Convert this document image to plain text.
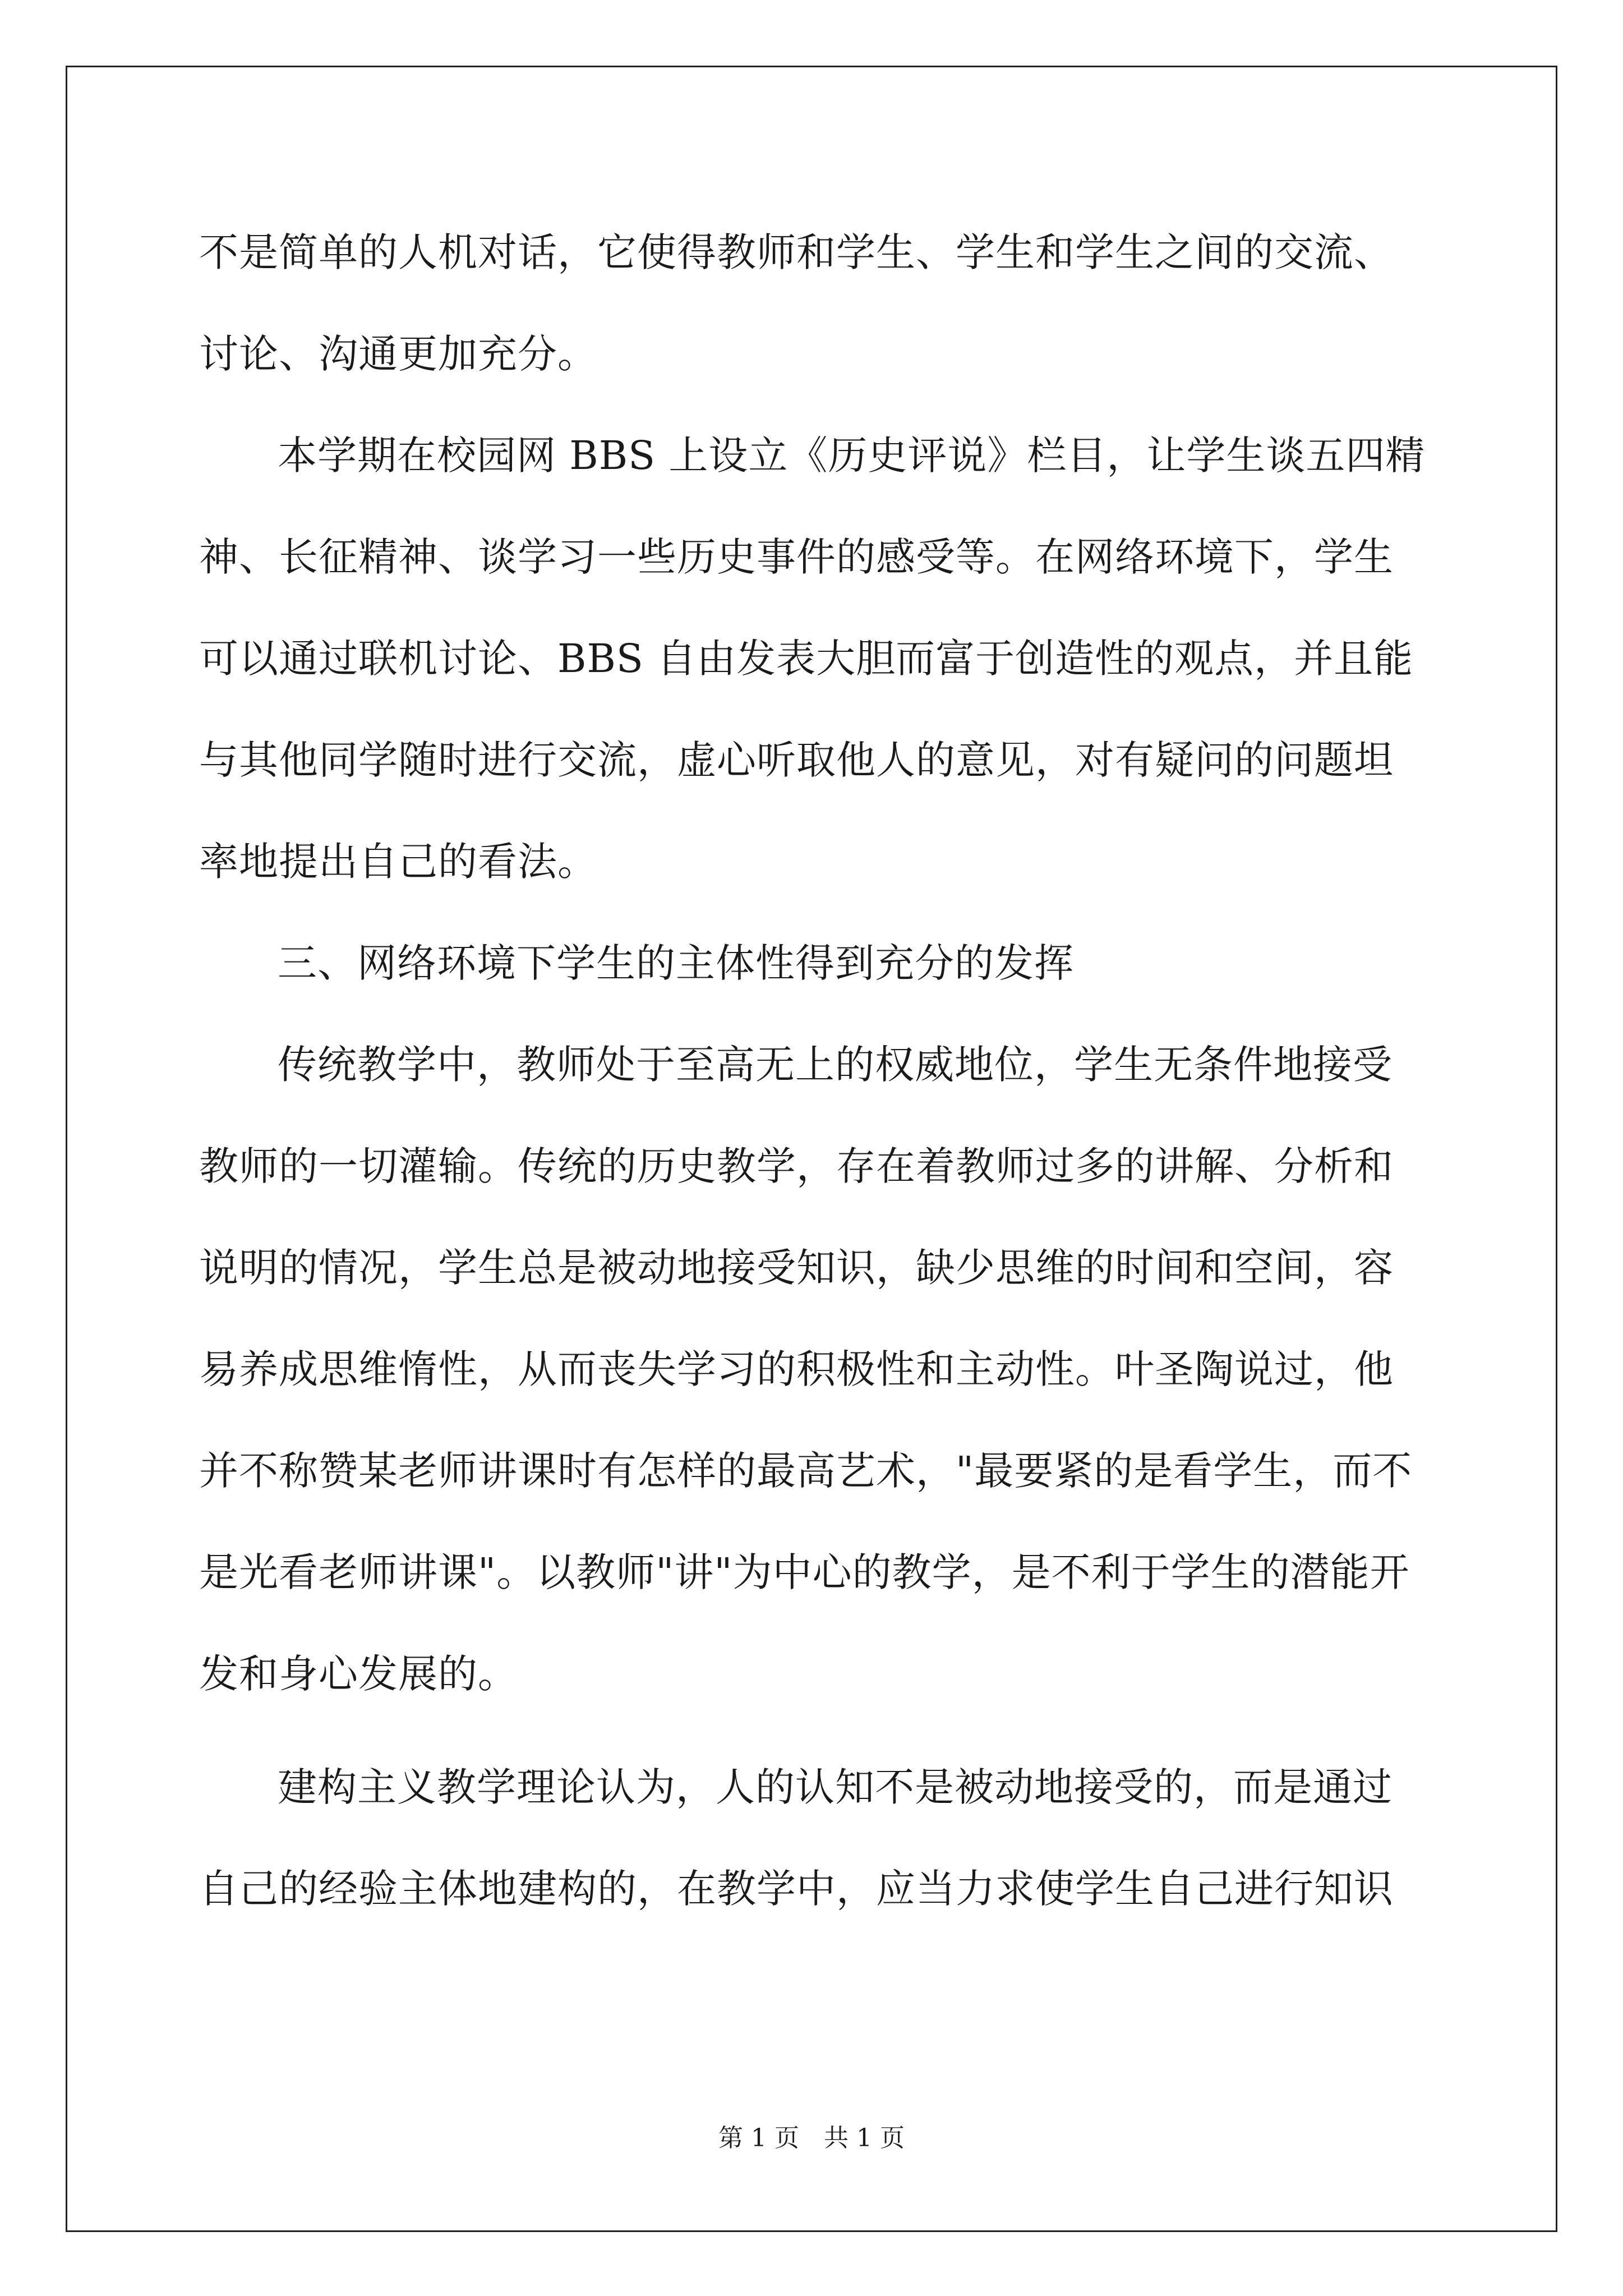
不是简单的人机对话，它使得教师和学生、学生和学生之间的交流、
讨论、沟通更加充分。
本学期在校园网 BBS 上设立《历史评说》栏目，让学生谈五四精
神、长征精神、谈学习一些历史事件的感受等。在网络环境下，学生
可以通过联机讨论、BBS 自由发表大胆而富于创造性的观点，并且能
与其他同学随时进行交流，虚心听取他人的意见，对有疑问的问题坦
率地提出自己的看法。
三、网络环境下学生的主体性得到充分的发挥
传统教学中，教师处于至高无上的权威地位，学生无条件地接受
教师的一切灌输。传统的历史教学，存在着教师过多的讲解、分析和
说明的情况，学生总是被动地接受知识，缺少思维的时间和空间，容
易养成思维惰性，从而丧失学习的积极性和主动性。叶圣陶说过，他
并不称赞某老师讲课时有怎样的最高艺术，"最要紧的是看学生，而不
是光看老师讲课"。以教师"讲"为中心的教学，是不利于学生的潜能开
发和身心发展的。
建构主义教学理论认为，人的认知不是被动地接受的，而是通过
自己的经验主体地建构的，在教学中，应当力求使学生自己进行知识
第 1 页　共 1 页
